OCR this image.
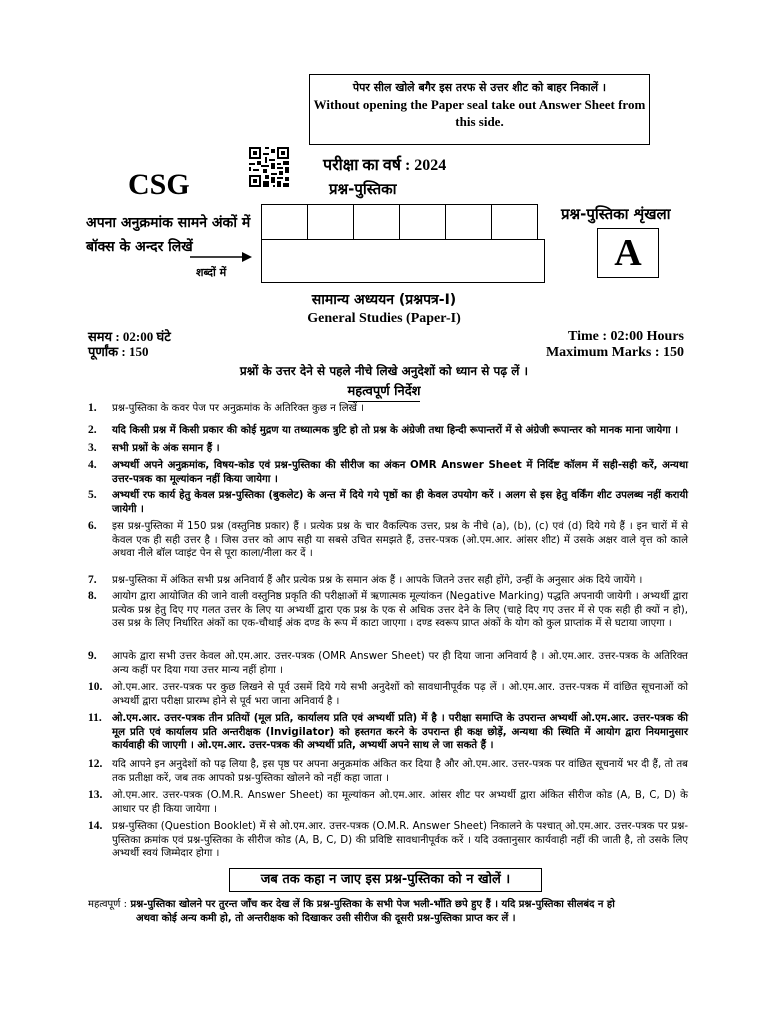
पेपर सील खोले बगैर इस तरफ से उत्तर शीट को बाहर निकालें ।
Without opening the Paper seal take out Answer Sheet from this side.
CSG
परीक्षा का वर्ष : 2024
प्रश्न-पुस्तिका
अपना अनुक्रमांक सामने अंकों में
बॉक्स के अन्दर लिखें
शब्दों में
प्रश्न-पुस्तिका शृंखला
A
सामान्य अध्ययन (प्रश्नपत्र-I)
General Studies (Paper-I)
समय : 02:00 घंटे
पूर्णांक : 150
Time : 02:00 Hours
Maximum Marks : 150
प्रश्नों के उत्तर देने से पहले नीचे लिखे अनुदेशों को ध्यान से पढ़ लें ।
महत्वपूर्ण निर्देश
1. प्रश्न-पुस्तिका के कवर पेज पर अनुक्रमांक के अतिरिक्त कुछ न लिखें ।
2. यदि किसी प्रश्न में किसी प्रकार की कोई मुद्रण या तथ्यात्मक त्रुटि हो तो प्रश्न के अंग्रेजी तथा हिन्दी रूपान्तरों में से अंग्रेजी रूपान्तर को मानक माना जायेगा ।
3. सभी प्रश्नों के अंक समान हैं ।
4. अभ्यर्थी अपने अनुक्रमांक, विषय-कोड एवं प्रश्न-पुस्तिका की सीरीज का अंकन OMR Answer Sheet में निर्दिष्ट कॉलम में सही-सही करें, अन्यथा उत्तर-पत्रक का मूल्यांकन नहीं किया जायेगा ।
5. अभ्यर्थी रफ कार्य हेतु केवल प्रश्न-पुस्तिका (बुकलेट) के अन्त में दिये गये पृष्ठों का ही केवल उपयोग करें । अलग से इस हेतु वर्किंग शीट उपलब्ध नहीं करायी जायेगी ।
6. इस प्रश्न-पुस्तिका में 150 प्रश्न (वस्तुनिष्ठ प्रकार) हैं । प्रत्येक प्रश्न के चार वैकल्पिक उत्तर, प्रश्न के नीचे (a), (b), (c) एवं (d) दिये गये हैं । इन चारों में से केवल एक ही सही उत्तर है । जिस उत्तर को आप सही या सबसे उचित समझते हैं, उत्तर-पत्रक (ओ.एम.आर. आंसर शीट) में उसके अक्षर वाले वृत्त को काले अथवा नीले बॉल प्वाइंट पेन से पूरा काला/नीला कर दें ।
7. प्रश्न-पुस्तिका में अंकित सभी प्रश्न अनिवार्य हैं और प्रत्येक प्रश्न के समान अंक हैं । आपके जितने उत्तर सही होंगे, उन्हीं के अनुसार अंक दिये जायेंगे ।
8. आयोग द्वारा आयोजित की जाने वाली वस्तुनिष्ठ प्रकृति की परीक्षाओं में ऋणात्मक मूल्यांकन (Negative Marking) पद्धति अपनायी जायेगी । अभ्यर्थी द्वारा प्रत्येक प्रश्न हेतु दिए गए गलत उत्तर के लिए या अभ्यर्थी द्वारा एक प्रश्न के एक से अधिक उत्तर देने के लिए (चाहे दिए गए उत्तर में से एक सही ही क्यों न हो), उस प्रश्न के लिए निर्धारित अंकों का एक-चौथाई अंक दण्ड के रूप में काटा जाएगा । दण्ड स्वरूप प्राप्त अंकों के योग को कुल प्राप्तांक में से घटाया जाएगा ।
9. आपके द्वारा सभी उत्तर केवल ओ.एम.आर. उत्तर-पत्रक (OMR Answer Sheet) पर ही दिया जाना अनिवार्य है । ओ.एम.आर. उत्तर-पत्रक के अतिरिक्त अन्य कहीं पर दिया गया उत्तर मान्य नहीं होगा ।
10. ओ.एम.आर. उत्तर-पत्रक पर कुछ लिखने से पूर्व उसमें दिये गये सभी अनुदेशों को सावधानीपूर्वक पढ़ लें । ओ.एम.आर. उत्तर-पत्रक में वांछित सूचनाओं को अभ्यर्थी द्वारा परीक्षा प्रारम्भ होने से पूर्व भरा जाना अनिवार्य है ।
11. ओ.एम.आर. उत्तर-पत्रक तीन प्रतियों (मूल प्रति, कार्यालय प्रति एवं अभ्यर्थी प्रति) में है । परीक्षा समाप्ति के उपरान्त अभ्यर्थी ओ.एम.आर. उत्तर-पत्रक की मूल प्रति एवं कार्यालय प्रति अन्तरीक्षक (Invigilator) को हस्तगत करने के उपरान्त ही कक्ष छोड़ें, अन्यथा की स्थिति में आयोग द्वारा नियमानुसार कार्यवाही की जाएगी । ओ.एम.आर. उत्तर-पत्रक की अभ्यर्थी प्रति, अभ्यर्थी अपने साथ ले जा सकते हैं ।
12. यदि आपने इन अनुदेशों को पढ़ लिया है, इस पृष्ठ पर अपना अनुक्रमांक अंकित कर दिया है और ओ.एम.आर. उत्तर-पत्रक पर वांछित सूचनायें भर दी हैं, तो तब तक प्रतीक्षा करें, जब तक आपको प्रश्न-पुस्तिका खोलने को नहीं कहा जाता ।
13. ओ.एम.आर. उत्तर-पत्रक (O.M.R. Answer Sheet) का मूल्यांकन ओ.एम.आर. आंसर शीट पर अभ्यर्थी द्वारा अंकित सीरीज कोड (A, B, C, D) के आधार पर ही किया जायेगा ।
14. प्रश्न-पुस्तिका (Question Booklet) में से ओ.एम.आर. उत्तर-पत्रक (O.M.R. Answer Sheet) निकालने के पश्चात् ओ.एम.आर. उत्तर-पत्रक पर प्रश्न-पुस्तिका क्रमांक एवं प्रश्न-पुस्तिका के सीरीज कोड (A, B, C, D) की प्रविष्टि सावधानीपूर्वक करें । यदि उक्तानुसार कार्यवाही नहीं की जाती है, तो उसके लिए अभ्यर्थी स्वयं जिम्मेदार होगा ।
जब तक कहा न जाए इस प्रश्न-पुस्तिका को न खोलें ।
महत्वपूर्ण : प्रश्न-पुस्तिका खोलने पर तुरन्त जाँच कर देख लें कि प्रश्न-पुस्तिका के सभी पेज भली-भाँति छपे हुए हैं । यदि प्रश्न-पुस्तिका सीलबंद न हो
अथवा कोई अन्य कमी हो, तो अन्तरीक्षक को दिखाकर उसी सीरीज की दूसरी प्रश्न-पुस्तिका प्राप्त कर लें ।
